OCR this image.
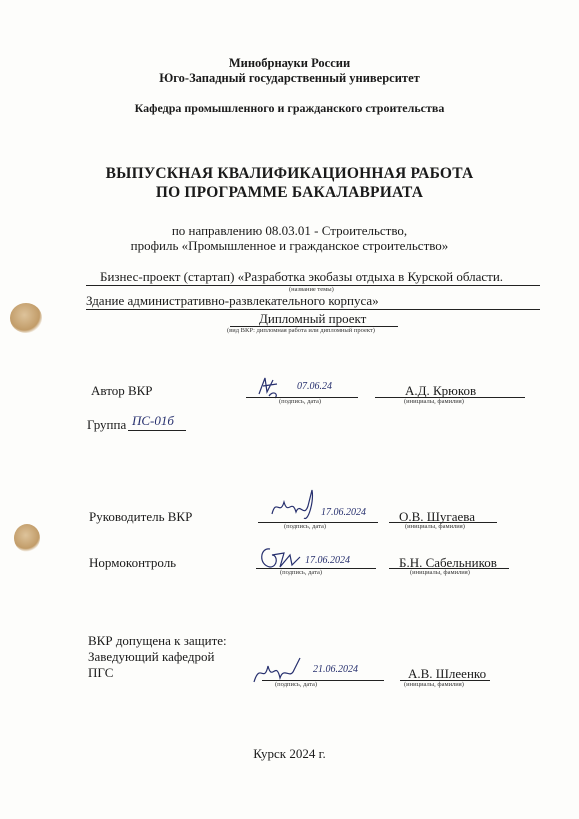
Минобрнауки России
Юго-Западный государственный университет
Кафедра промышленного и гражданского строительства
ВЫПУСКНАЯ КВАЛИФИКАЦИОННАЯ РАБОТА
ПО ПРОГРАММЕ БАКАЛАВРИАТА
по направлению 08.03.01 - Строительство,
профиль «Промышленное и гражданское строительство»
Бизнес-проект (стартап) «Разработка экобазы отдыха в Курской области.
(название темы)
Здание административно-развлекательного корпуса»
Дипломный проект
(вид ВКР: дипломная работа или дипломный проект)
Автор ВКР	07.06.24
(подпись, дата)
А.Д. Крюков
(инициалы, фамилия)
Группа ПС-01б
Руководитель ВКР	17.06.2024
(подпись, дата)
О.В. Шугаева
(инициалы, фамилия)
Нормоконтроль	17.06.2024
(подпись, дата)
Б.Н. Сабельников
(инициалы, фамилия)
ВКР допущена к защите:
Заведующий кафедрой
ПГС	21.06.2024
(подпись, дата)
А.В. Шлеенко
(инициалы, фамилия)
Курск 2024 г.
